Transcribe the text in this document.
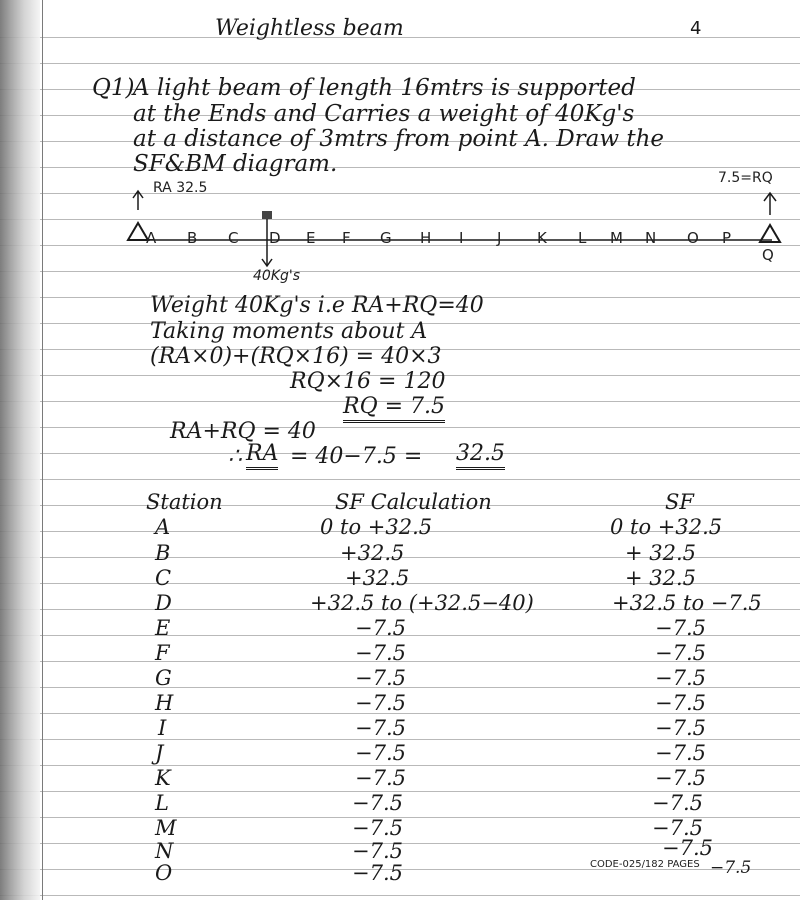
Weightless beam	4
Q1)
A light beam of length 16mtrs is supported
at the Ends and Carries a weight of 40Kg's
at a distance of 3mtrs from point A. Draw the
SF&BM diagram.
RA 32.5
7.5=RQ
A B C D E F G H I J K L M N O P
Q
40Kg's
Weight 40Kg's i.e RA+RQ=40
Taking moments about A
(RA×0)+(RQ×16) = 40×3
RQ×16 = 120
RQ = 7.5
RA+RQ = 40
∴ RA = 40−7.5 = 32.5
Station	SF Calculation	SF
A	0 to +32.5	0 to +32.5
B	+32.5	+ 32.5
C	+32.5	+ 32.5
D	+32.5 to (+32.5−40)	+32.5 to −7.5
E	−7.5	−7.5
F	−7.5	−7.5
G	−7.5	−7.5
H	−7.5	−7.5
I	−7.5	−7.5
J	−7.5	−7.5
K	−7.5	−7.5
L	−7.5	−7.5
M	−7.5	−7.5
N	−7.5	−7.5
O	−7.5	−7.5
CODE-025/182 PAGES
